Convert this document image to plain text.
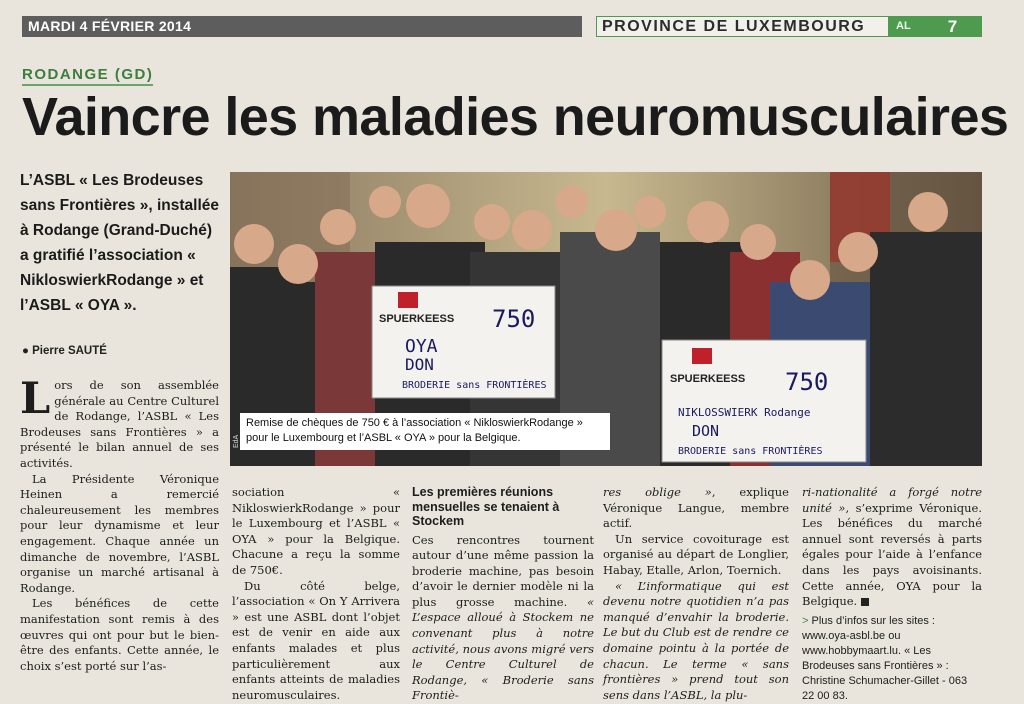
MARDI 4 FÉVRIER 2014	PROVINCE DE LUXEMBOURG	AL	7
RODANGE (GD)
Vaincre les maladies neuromusculaires
L’ASBL « Les Brodeuses sans Frontières », installée à Rodange (Grand-Duché) a gratifié l’association « NikloswierkRodange » et l’ASBL « OYA ».
● Pierre SAUTÉ
SPUERKEESS 750
OYA
DON
BRODERIE sans FRONTIÈRES
SPUERKEESS 750
NIKLOSSWIERK Rodange
DON
BRODERIE sans FRONTIÈRES
Remise de chèques de 750 € à l’association « NikloswierkRodange » pour le Luxembourg et l’ASBL « OYA » pour la Belgique.
EdA

Lors de son assemblée générale au Centre Culturel de Rodange, l’ASBL « Les Brodeuses sans Frontières » a présenté le bilan annuel de ses activités.

La Présidente Véronique Heinen a remercié chaleureusement les membres pour leur dynamisme et leur engagement. Chaque année un dimanche de novembre, l’ASBL organise un marché artisanal à Rodange.

Les bénéfices de cette manifestation sont remis à des œuvres qui ont pour but le bien-être des enfants. Cette année, le choix s’est porté sur l’as-

sociation « NikloswierkRodange » pour le Luxembourg et l’ASBL « OYA » pour la Belgique. Chacune a reçu la somme de 750€.

Du côté belge, l’association « On Y Arrivera » est une ASBL dont l’objet est de venir en aide aux enfants malades et plus particulièrement aux enfants atteints de maladies neuromusculaires.

Les premières réunions mensuelles se tenaient à Stockem

Ces rencontres tournent autour d’une même passion la broderie machine, pas besoin d’avoir le dernier modèle ni la plus grosse machine. « L’espace alloué à Stockem ne convenant plus à notre activité, nous avons migré vers le Centre Culturel de Rodange, « Broderie sans Frontiè-

res oblige », explique Véronique Langue, membre actif.

Un service covoiturage est organisé au départ de Longlier, Habay, Etalle, Arlon, Toernich.

« L’informatique qui est devenu notre quotidien n’a pas manqué d’envahir la broderie. Le but du Club est de rendre ce domaine pointu à la portée de chacun. Le terme « sans frontières » prend tout son sens dans l’ASBL, la plu-

ri-nationalité a forgé notre unité », s’exprime Véronique. Les bénéfices du marché annuel sont reversés à parts égales pour l’aide à l’enfance dans les pays avoisinants. Cette année, OYA pour la Belgique.

> Plus d’infos sur les sites : www.oya-asbl.be ou www.hobbymaart.lu. « Les Brodeuses sans Frontières » : Christine Schumacher-Gillet - 063 22 00 83.
